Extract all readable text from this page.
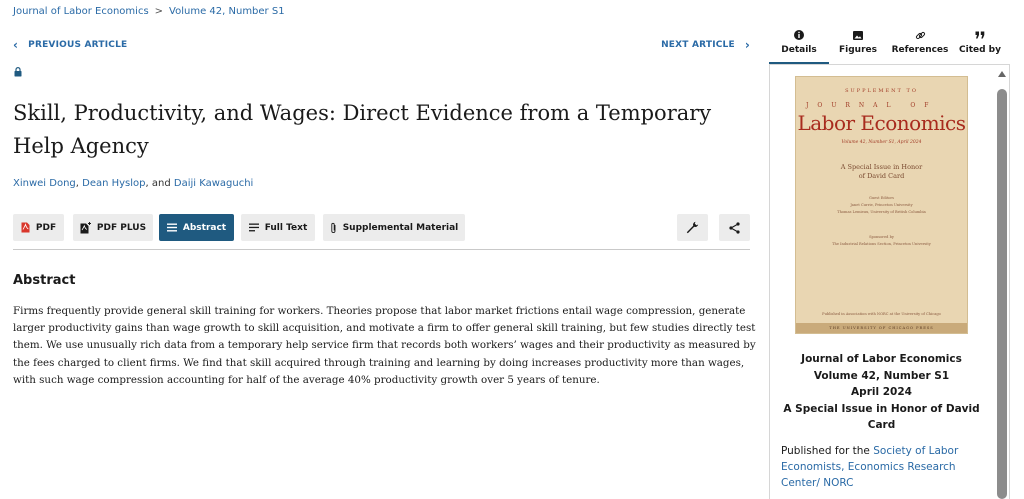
Journal of Labor Economics > Volume 42, Number S1
‹ PREVIOUS ARTICLE	NEXT ARTICLE ›
Skill, Productivity, and Wages: Direct Evidence from a Temporary Help Agency
Xinwei Dong, Dean Hyslop, and Daiji Kawaguchi
PDF	PDF PLUS	Abstract	Full Text	Supplemental Material
Abstract

Firms frequently provide general skill training for workers. Theories propose that labor market frictions entail wage compression, generate larger productivity gains than wage growth to skill acquisition, and motivate a firm to offer general skill training, but few studies directly test them. We use unusually rich data from a temporary help service firm that records both workers’ wages and their productivity as measured by the fees charged to client firms. We find that skill acquired through training and learning by doing increases productivity more than wages, with such wage compression accounting for half of the average 40% productivity growth over 5 years of tenure.

Details Figures References Cited by
SUPPLEMENT TO
JOURNAL OF
Labor Economics
Volume 42, Number S1, April 2024
A Special Issue in Honor
of David Card
Guest Editors
Janet Currie, Princeton University
Thomas Lemieux, University of British Columbia
Sponsored by
The Industrial Relations Section, Princeton University
Published in Association with NORC at the University of Chicago
THE UNIVERSITY OF CHICAGO PRESS
Journal of Labor Economics
Volume 42, Number S1
April 2024
A Special Issue in Honor of David Card
Published for the Society of Labor Economists, Economics Research Center/ NORC
